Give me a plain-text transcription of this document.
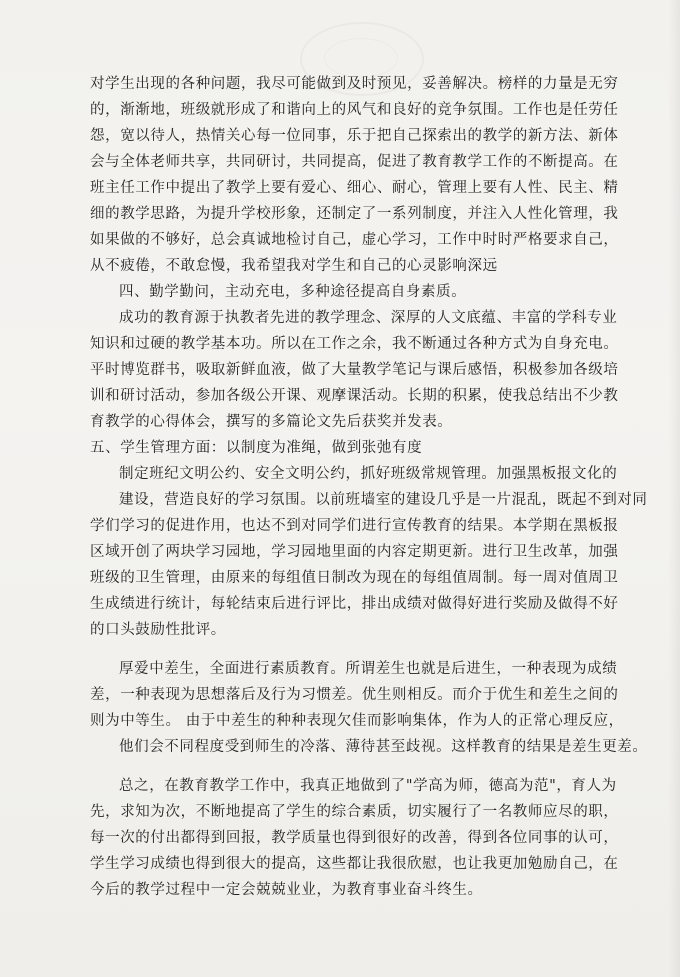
对学生出现的各种问题，我尽可能做到及时预见，妥善解决。榜样的力量是无穷
的，渐渐地，班级就形成了和谐向上的风气和良好的竞争氛围。工作也是任劳任
怨，宽以待人，热情关心每一位同事，乐于把自己探索出的教学的新方法、新体
会与全体老师共享，共同研讨，共同提高，促进了教育教学工作的不断提高。在
班主任工作中提出了教学上要有爱心、细心、耐心，管理上要有人性、民主、精
细的教学思路，为提升学校形象，还制定了一系列制度，并注入人性化管理，我
如果做的不够好，总会真诚地检讨自己，虚心学习，工作中时时严格要求自己，
从不疲倦，不敢怠慢，我希望我对学生和自己的心灵影响深远
四、勤学勤问，主动充电，多种途径提高自身素质。
成功的教育源于执教者先进的教学理念、深厚的人文底蕴、丰富的学科专业
知识和过硬的教学基本功。所以在工作之余，我不断通过各种方式为自身充电。
平时博览群书，吸取新鲜血液，做了大量教学笔记与课后感悟，积极参加各级培
训和研讨活动，参加各级公开课、观摩课活动。长期的积累，使我总结出不少教
育教学的心得体会，撰写的多篇论文先后获奖并发表。
五、学生管理方面：以制度为准绳，做到张弛有度
制定班纪文明公约、安全文明公约，抓好班级常规管理。加强黑板报文化的
建设，营造良好的学习氛围。以前班墙室的建设几乎是一片混乱，既起不到对同
学们学习的促进作用，也达不到对同学们进行宣传教育的结果。本学期在黑板报
区域开创了两块学习园地，学习园地里面的内容定期更新。进行卫生改革，加强
班级的卫生管理，由原来的每组值日制改为现在的每组值周制。每一周对值周卫
生成绩进行统计，每轮结束后进行评比，排出成绩对做得好进行奖励及做得不好
的口头鼓励性批评。
厚爱中差生，全面进行素质教育。所谓差生也就是后进生，一种表现为成绩
差，一种表现为思想落后及行为习惯差。优生则相反。而介于优生和差生之间的
则为中等生。 由于中差生的种种表现欠佳而影响集体，作为人的正常心理反应，
他们会不同程度受到师生的冷落、薄待甚至歧视。这样教育的结果是差生更差。
总之，在教育教学工作中，我真正地做到了"学高为师，德高为范"，育人为
先，求知为次，不断地提高了学生的综合素质，切实履行了一名教师应尽的职，
每一次的付出都得到回报，教学质量也得到很好的改善，得到各位同事的认可，
学生学习成绩也得到很大的提高，这些都让我很欣慰，也让我更加勉励自己，在
今后的教学过程中一定会兢兢业业，为教育事业奋斗终生。
